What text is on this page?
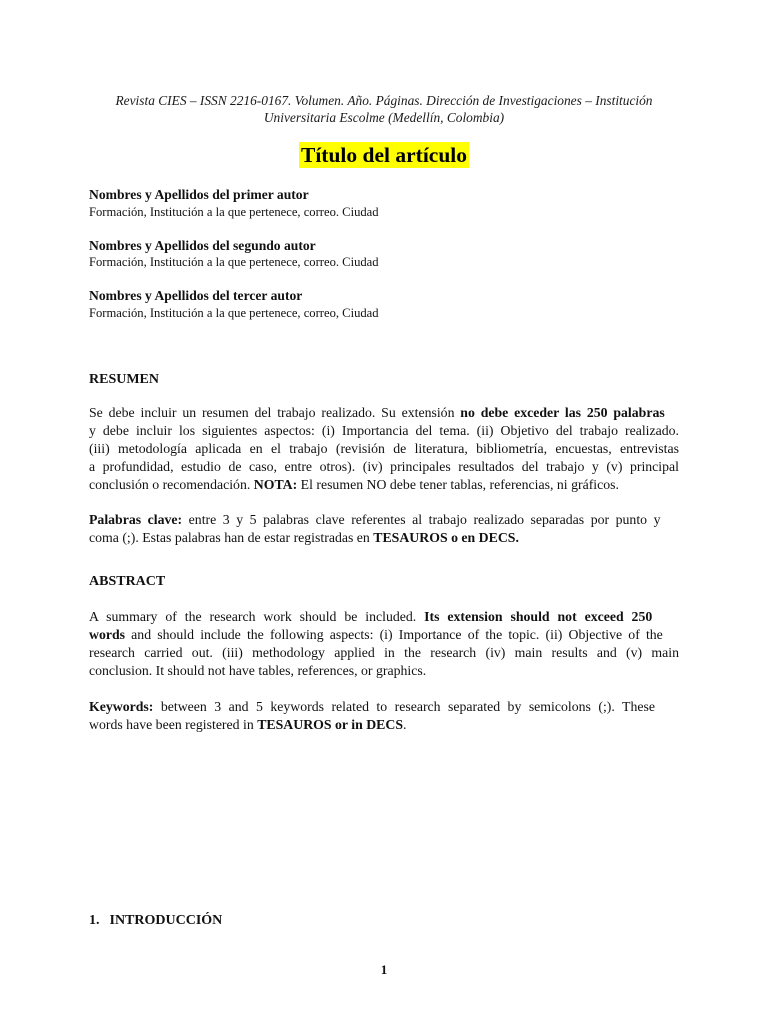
Revista CIES – ISSN 2216-0167. Volumen. Año. Páginas. Dirección de Investigaciones – Institución
Universitaria Escolme (Medellín, Colombia)
Título del artículo
Nombres y Apellidos del primer autor
Formación, Institución a la que pertenece, correo. Ciudad
Nombres y Apellidos del segundo autor
Formación, Institución a la que pertenece, correo. Ciudad
Nombres y Apellidos del tercer autor
Formación, Institución a la que pertenece, correo, Ciudad
RESUMEN
Se debe incluir un resumen del trabajo realizado. Su extensión no debe exceder las 250 palabras
y debe incluir los siguientes aspectos: (i) Importancia del tema. (ii) Objetivo del trabajo realizado.
(iii) metodología aplicada en el trabajo (revisión de literatura, bibliometría, encuestas, entrevistas
a profundidad, estudio de caso, entre otros). (iv) principales resultados del trabajo y (v) principal
conclusión o recomendación. NOTA: El resumen NO debe tener tablas, referencias, ni gráficos.
Palabras clave: entre 3 y 5 palabras clave referentes al trabajo realizado separadas por punto y
coma (;). Estas palabras han de estar registradas en TESAUROS o en DECS.
ABSTRACT
A summary of the research work should be included. Its extension should not exceed 250
words and should include the following aspects: (i) Importance of the topic. (ii) Objective of the
research carried out. (iii) methodology applied in the research (iv) main results and (v) main
conclusion. It should not have tables, references, or graphics.
Keywords: between 3 and 5 keywords related to research separated by semicolons (;). These
words have been registered in TESAUROS or in DECS.
1. INTRODUCCIÓN
1
